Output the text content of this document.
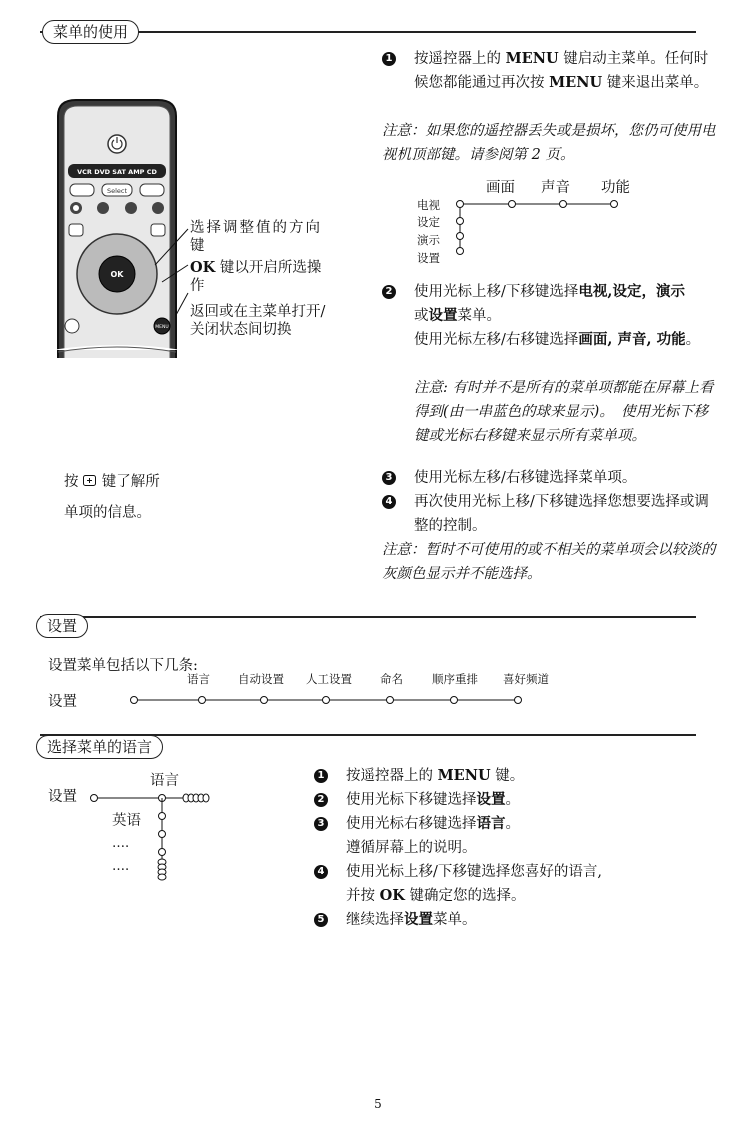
菜单的使用
VCR DVD SAT AMP CD
Select
OK
MENU
选择调整值的方向键
OK 键以开启所选操作
返回或在主菜单打开/关闭状态间切换
按 键了解所
单项的信息。
1 按遥控器上的 MENU 键启动主菜单。任何时候您都能通过再次按 MENU 键来退出菜单。
注意：如果您的遥控器丢失或是损坏，您仍可使用电视机顶部键。请参阅第 2 页。
画面 声音 功能
电视
设定
演示
设置
2 使用光标上移/下移键选择电视,设定，演示
或设置菜单。
使用光标左移/右移键选择画面, 声音, 功能。
注意: 有时并不是所有的菜单项都能在屏幕上看得到(由一串蓝色的球来显示)。　使用光标下移键或光标右移键来显示所有菜单项。
3 使用光标左移/右移键选择菜单项。
4 再次使用光标上移/下移键选择您想要选择或调整的控制。
注意：暂时不可使用的或不相关的菜单项会以较淡的灰颜色显示并不能选择。
设置
设置菜单包括以下几条:
语言 自动设置 人工设置 命名	顺序重排 喜好频道
设置
选择菜单的语言
语言
设置
英语
….
….
1 按遥控器上的 MENU 键。
2 使用光标下移键选择设置。
3 使用光标右移键选择语言。
遵循屏幕上的说明。
4 使用光标上移/下移键选择您喜好的语言, 并按 OK 键确定您的选择。
5 继续选择设置菜单。
5
